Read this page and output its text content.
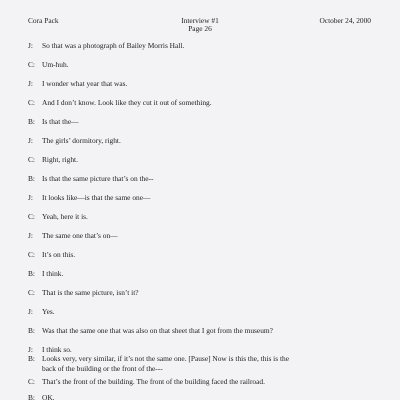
Cora Pack	Interview #1
Page 26
October 24, 2000
J: So that was a photograph of Bailey Morris Hall.
C: Um-huh.
J: I wonder what year that was.
C: And I don’t know. Look like they cut it out of something.
B: Is that the—
J: The girls’ dormitory, right.
C: Right, right.
B: Is that the same picture that’s on the--
J: It looks like—is that the same one—
C: Yeah, here it is.
J: The same one that’s on—
C: It’s on this.
B: I think.
C: That is the same picture, isn’t it?
J: Yes.
B: Was that the same one that was also on that sheet that I got from the museum?
J: I think so.
B: Looks very, very similar, if it’s not the same one. [Pause] Now is this the, this is the
back of the building or the front of the---
C: That’s the front of the building. The front of the building faced the railroad.
B: OK.
